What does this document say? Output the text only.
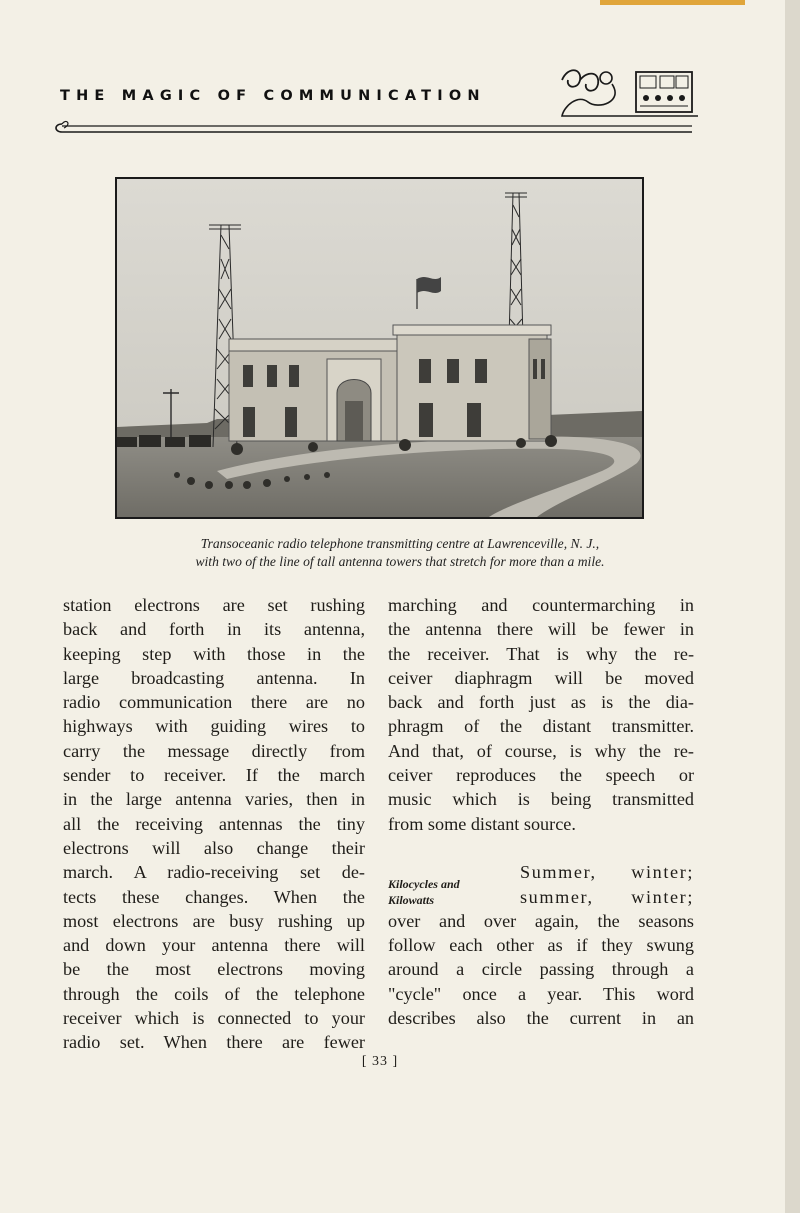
THE MAGIC OF COMMUNICATION
Transoceanic radio telephone transmitting centre at Lawrenceville, N. J.,
with two of the line of tall antenna towers that stretch for more than a mile.
station electrons are set rushing
back and forth in its antenna,
keeping step with those in the
large broadcasting antenna. In
radio communication there are no
highways with guiding wires to
carry the message directly from
sender to receiver. If the march
in the large antenna varies, then in
all the receiving antennas the tiny
electrons will also change their
march. A radio-receiving set de-
tects these changes. When the
most electrons are busy rushing up
and down your antenna there will
be the most electrons moving
through the coils of the telephone
receiver which is connected to your
radio set. When there are fewer
marching and countermarching in
the antenna there will be fewer in
the receiver. That is why the re-
ceiver diaphragm will be moved
back and forth just as is the dia-
phragm of the distant transmitter.
And that, of course, is why the re-
ceiver reproduces the speech or
music which is being transmitted
from some distant source.
Summer, winter;
summer, winter;
over and over again, the seasons
follow each other as if they swung
around a circle passing through a
"cycle" once a year. This word
describes also the current in an
Kilocycles and
Kilowatts
[ 33 ]
